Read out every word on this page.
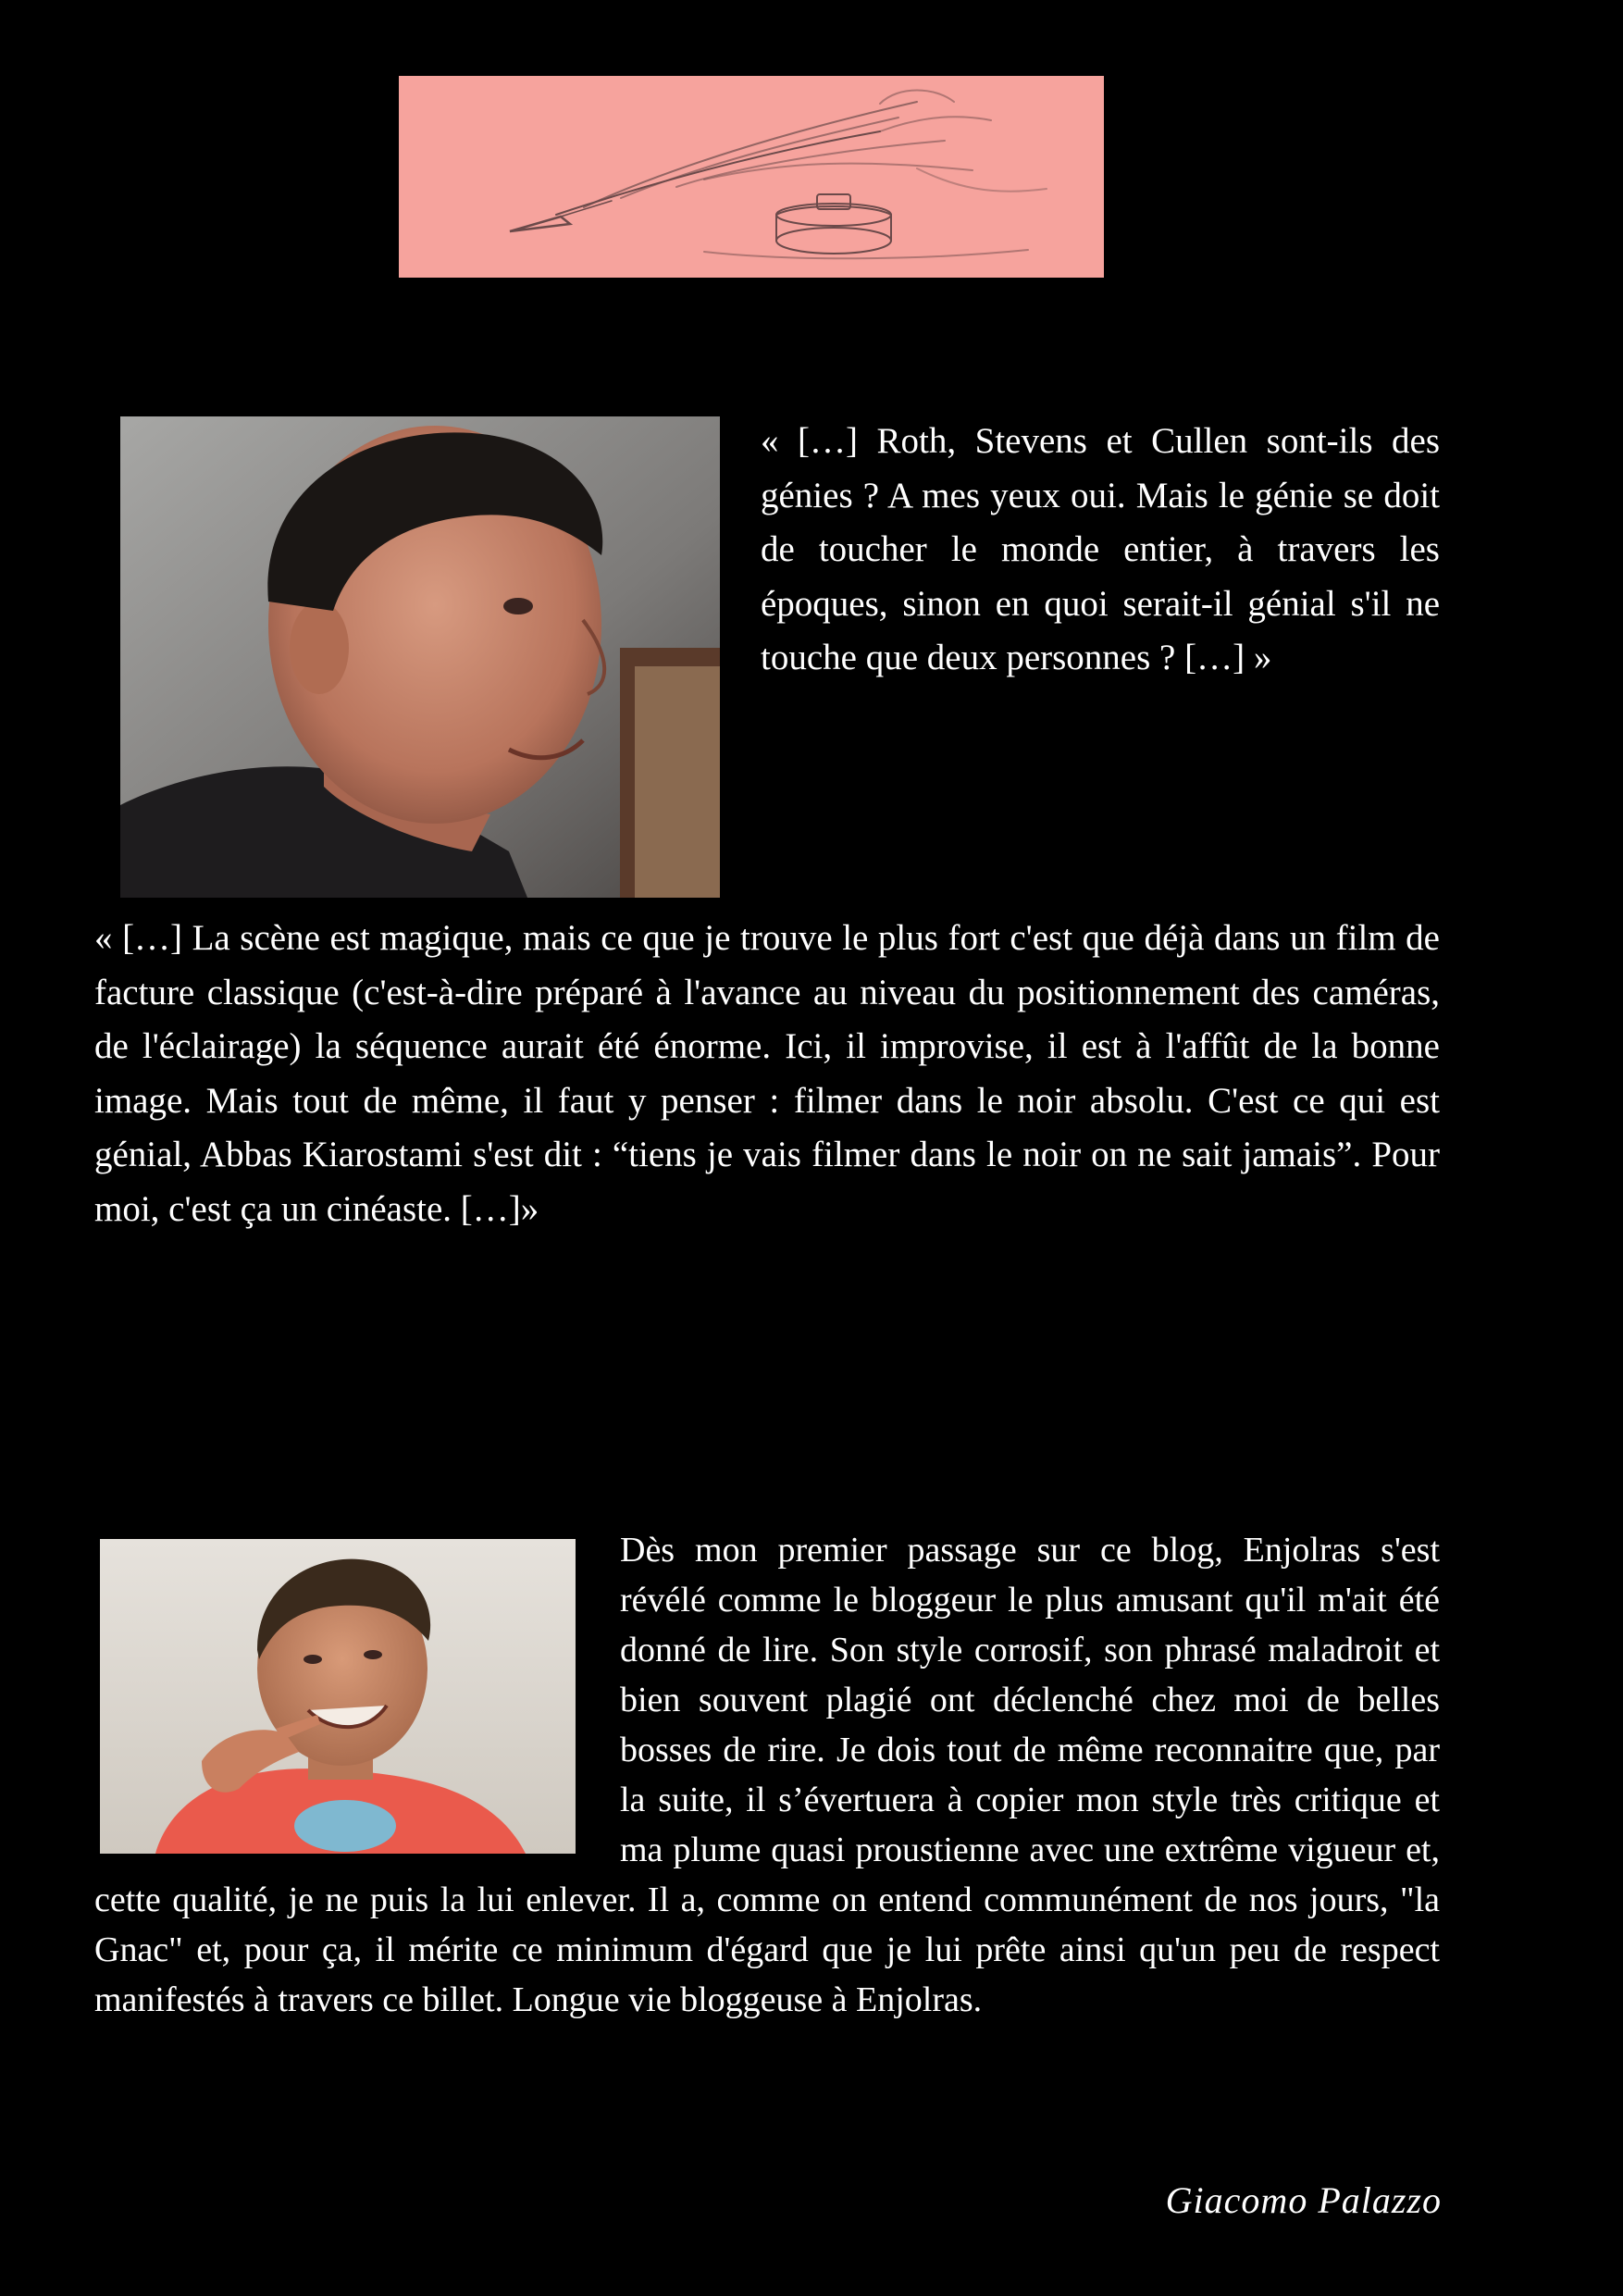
« […] Roth, Stevens et Cullen sont-ils des génies ? A mes yeux oui. Mais le génie se doit de toucher le monde entier, à travers les époques, sinon en quoi serait-il génial s'il ne touche que deux personnes ? […] »

« […] La scène est magique, mais ce que je trouve le plus fort c'est que déjà dans un film de facture classique (c'est-à-dire préparé à l'avance au niveau du positionnement des caméras, de l'éclairage) la séquence aurait été énorme. Ici, il improvise, il est à l'affût de la bonne image. Mais tout de même, il faut y penser : filmer dans le noir absolu. C'est ce qui est génial, Abbas Kiarostami s'est dit : “tiens je vais filmer dans le noir on ne sait jamais”. Pour moi, c'est ça un cinéaste. […]»

Dès mon premier passage sur ce blog, Enjolras s'est révélé comme le bloggeur le plus amusant qu'il m'ait été donné de lire. Son style corrosif, son phrasé maladroit et bien souvent plagié ont déclenché chez moi de belles bosses de rire. Je dois tout de même reconnaitre que, par la suite, il s’évertuera à copier mon style très critique et ma plume quasi proustienne avec une extrême vigueur et, cette qualité, je ne puis la lui enlever. Il a, comme on entend communément de nos jours, "la Gnac" et, pour ça, il mérite ce minimum d'égard que je lui prête ainsi qu'un peu de respect manifestés à travers ce billet. Longue vie bloggeuse à Enjolras.

Giacomo Palazzo
